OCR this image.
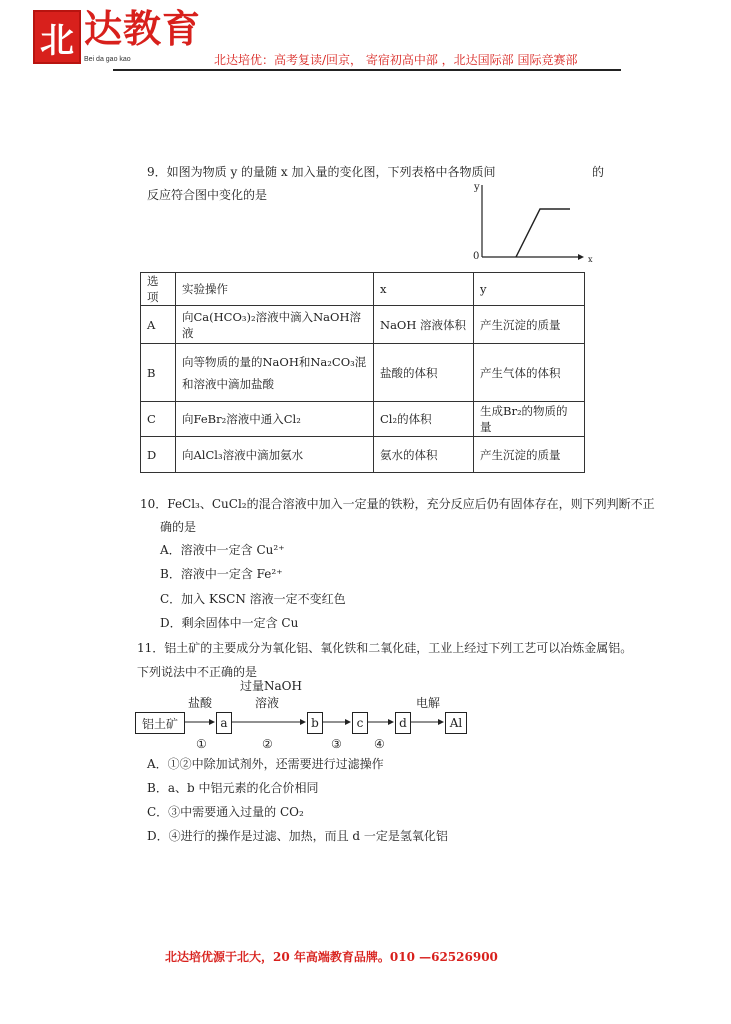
北 达教育
Bei da gao kao	北达培优：高考复读/回京， 寄宿初高中部 ，北达国际部 国际竞赛部
9．如图为物质 y 的量随 x 加入量的变化图，下列表格中各物质间	的
反应符合图中变化的是
y
0	x
选项	实验操作	x	y
A	向Ca(HCO₃)₂溶液中滴入NaOH溶液	NaOH 溶液体积	产生沉淀的质量
B	向等物质的量的NaOH和Na₂CO₃混和溶液中滴加盐酸	盐酸的体积	产生气体的体积
C	向FeBr₂溶液中通入Cl₂	Cl₂的体积	生成Br₂的物质的量
D	向AlCl₃溶液中滴加氨水	氨水的体积	产生沉淀的质量
10．FeCl₃、CuCl₂的混合溶液中加入一定量的铁粉，充分反应后仍有固体存在，则下列判断不正
确的是
A．溶液中一定含 Cu²⁺
B．溶液中一定含 Fe²⁺
C．加入 KSCN 溶液一定不变红色
D．剩余固体中一定含 Cu
11．铝土矿的主要成分为氧化铝、氧化铁和二氧化硅，工业上经过下列工艺可以冶炼金属铝。
下列说法中不正确的是
铝土矿	a	b	c	d	Al
盐酸
①
过量NaOH
溶液
②	③	④
电解
A．①②中除加试剂外，还需要进行过滤操作
B．a、b 中铝元素的化合价相同
C．③中需要通入过量的 CO₂
D．④进行的操作是过滤、加热，而且 d 一定是氢氧化铝
北达培优源于北大，20 年高端教育品牌。010 —62526900
